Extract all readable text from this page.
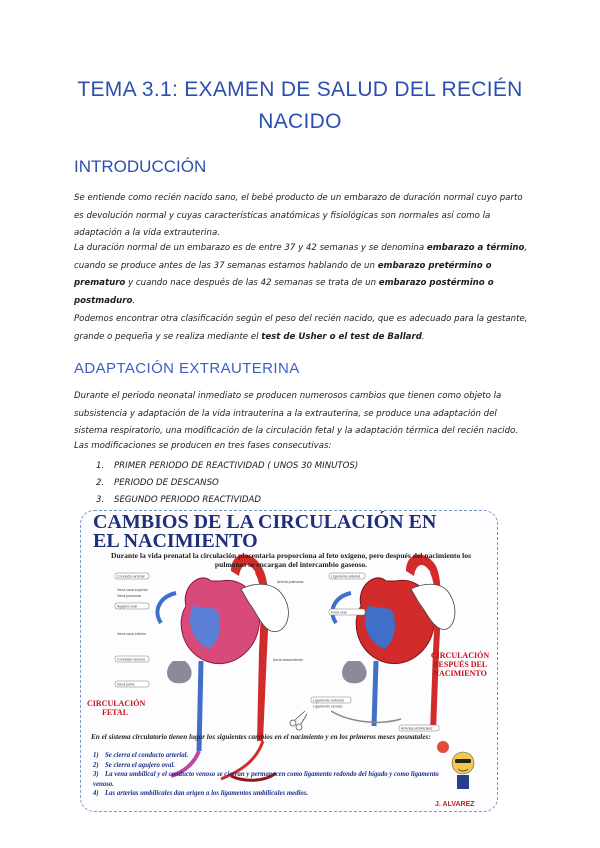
TEMA 3.1: EXAMEN DE SALUD DEL RECIÉN
NACIDO
INTRODUCCIÓN
Se entiende como recién nacido sano, el bebé producto de un embarazo de duración normal cuyo parto es devolución normal y cuyas características anatómicas y fisiológicas son normales así como la adaptación a la vida extrauterina.
La duración normal de un embarazo es de entre 37 y 42 semanas y se denomina embarazo a término, cuando se produce antes de las 37 semanas estamos hablando de un embarazo pretérmino o prematuro y cuando nace después de las 42 semanas se trata de un embarazo postérmino o postmaduro.
Podemos encontrar otra clasificación según el peso del recién nacido, que es adecuado para la gestante, grande o pequeña y se realiza mediante el test de Usher o el test de Ballard.
ADAPTACIÓN EXTRAUTERINA
Durante el periodo neonatal inmediato se producen numerosos cambios que tienen como objeto la subsistencia y adaptación de la vida intrauterina a la extrauterina, se produce una adaptación del sistema respiratorio, una modificación de la circulación fetal y la adaptación térmica del recién nacido.
Las modificaciones se producen en tres fases consecutivas:
1. PRIMER PERIODO DE REACTIVIDAD ( UNOS 30 MINUTOS)
2. PERIODO DE DESCANSO
3. SEGUNDO PERIODO REACTIVIDAD
Conducto arterial
Agujero oval
Conducto venoso
Vena porta
Vena cava superior
Vena pulmonar
Vena cava inferior
Arteria pulmonar
Aorta descendente
Ligamento arterial
Fosa oval
Ligamento redondo
Ligamento venoso
Arterias umbilicales
CAMBIOS DE LA CIRCULACIÓN EN
EL NACIMIENTO
Durante la vida prenatal la circulación placentaria proporciona al feto oxígeno, pero después del nacimiento los pulmones se encargan del intercambio gaseoso.
CIRCULACIÓN FETAL
CIRCULACIÓN DESPUÉS DEL NACIMIENTO
En el sistema circulatorio tienen lugar los siguientes cambios en el nacimiento y en los primeros meses posnatales:
1) Se cierra el conducto arterial.
2) Se cierra el agujero oval.
3) La vena umbilical y el conducto venoso se cierran y permanecen como ligamento redondo del hígado y como ligamento venoso.
4) Las arterias umbilicales dan origen a los ligamentos umbilicales medios.
J. ALVAREZ
